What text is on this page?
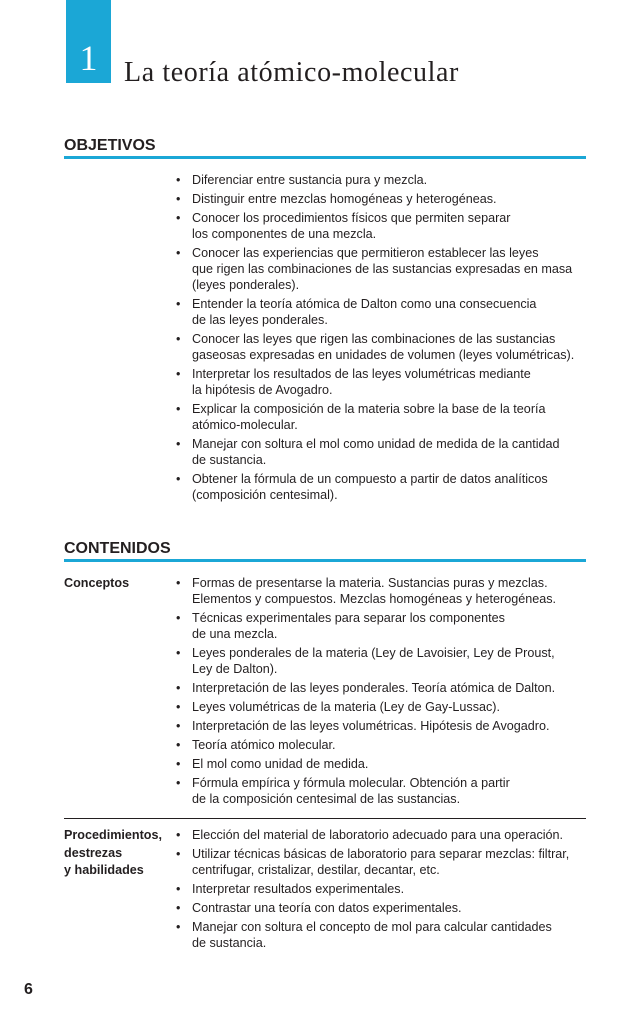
1 La teoría atómico-molecular
OBJETIVOS
• Diferenciar entre sustancia pura y mezcla.
• Distinguir entre mezclas homogéneas y heterogéneas.
• Conocer los procedimientos físicos que permiten separar
los componentes de una mezcla.
• Conocer las experiencias que permitieron establecer las leyes
que rigen las combinaciones de las sustancias expresadas en masa
(leyes ponderales).
• Entender la teoría atómica de Dalton como una consecuencia
de las leyes ponderales.
• Conocer las leyes que rigen las combinaciones de las sustancias
gaseosas expresadas en unidades de volumen (leyes volumétricas).
• Interpretar los resultados de las leyes volumétricas mediante
la hipótesis de Avogadro.
• Explicar la composición de la materia sobre la base de la teoría
atómico-molecular.
• Manejar con soltura el mol como unidad de medida de la cantidad
de sustancia.
• Obtener la fórmula de un compuesto a partir de datos analíticos
(composición centesimal).
CONTENIDOS
Conceptos	• Formas de presentarse la materia. Sustancias puras y mezclas.
Elementos y compuestos. Mezclas homogéneas y heterogéneas.
• Técnicas experimentales para separar los componentes
de una mezcla.
• Leyes ponderales de la materia (Ley de Lavoisier, Ley de Proust,
Ley de Dalton).
• Interpretación de las leyes ponderales. Teoría atómica de Dalton.
• Leyes volumétricas de la materia (Ley de Gay-Lussac).
• Interpretación de las leyes volumétricas. Hipótesis de Avogadro.
• Teoría atómico molecular.
• El mol como unidad de medida.
• Fórmula empírica y fórmula molecular. Obtención a partir
de la composición centesimal de las sustancias.
Procedimientos,
destrezas
y habilidades
• Elección del material de laboratorio adecuado para una operación.
• Utilizar técnicas básicas de laboratorio para separar mezclas: filtrar,
centrifugar, cristalizar, destilar, decantar, etc.
• Interpretar resultados experimentales.
• Contrastar una teoría con datos experimentales.
• Manejar con soltura el concepto de mol para calcular cantidades
de sustancia.
6
